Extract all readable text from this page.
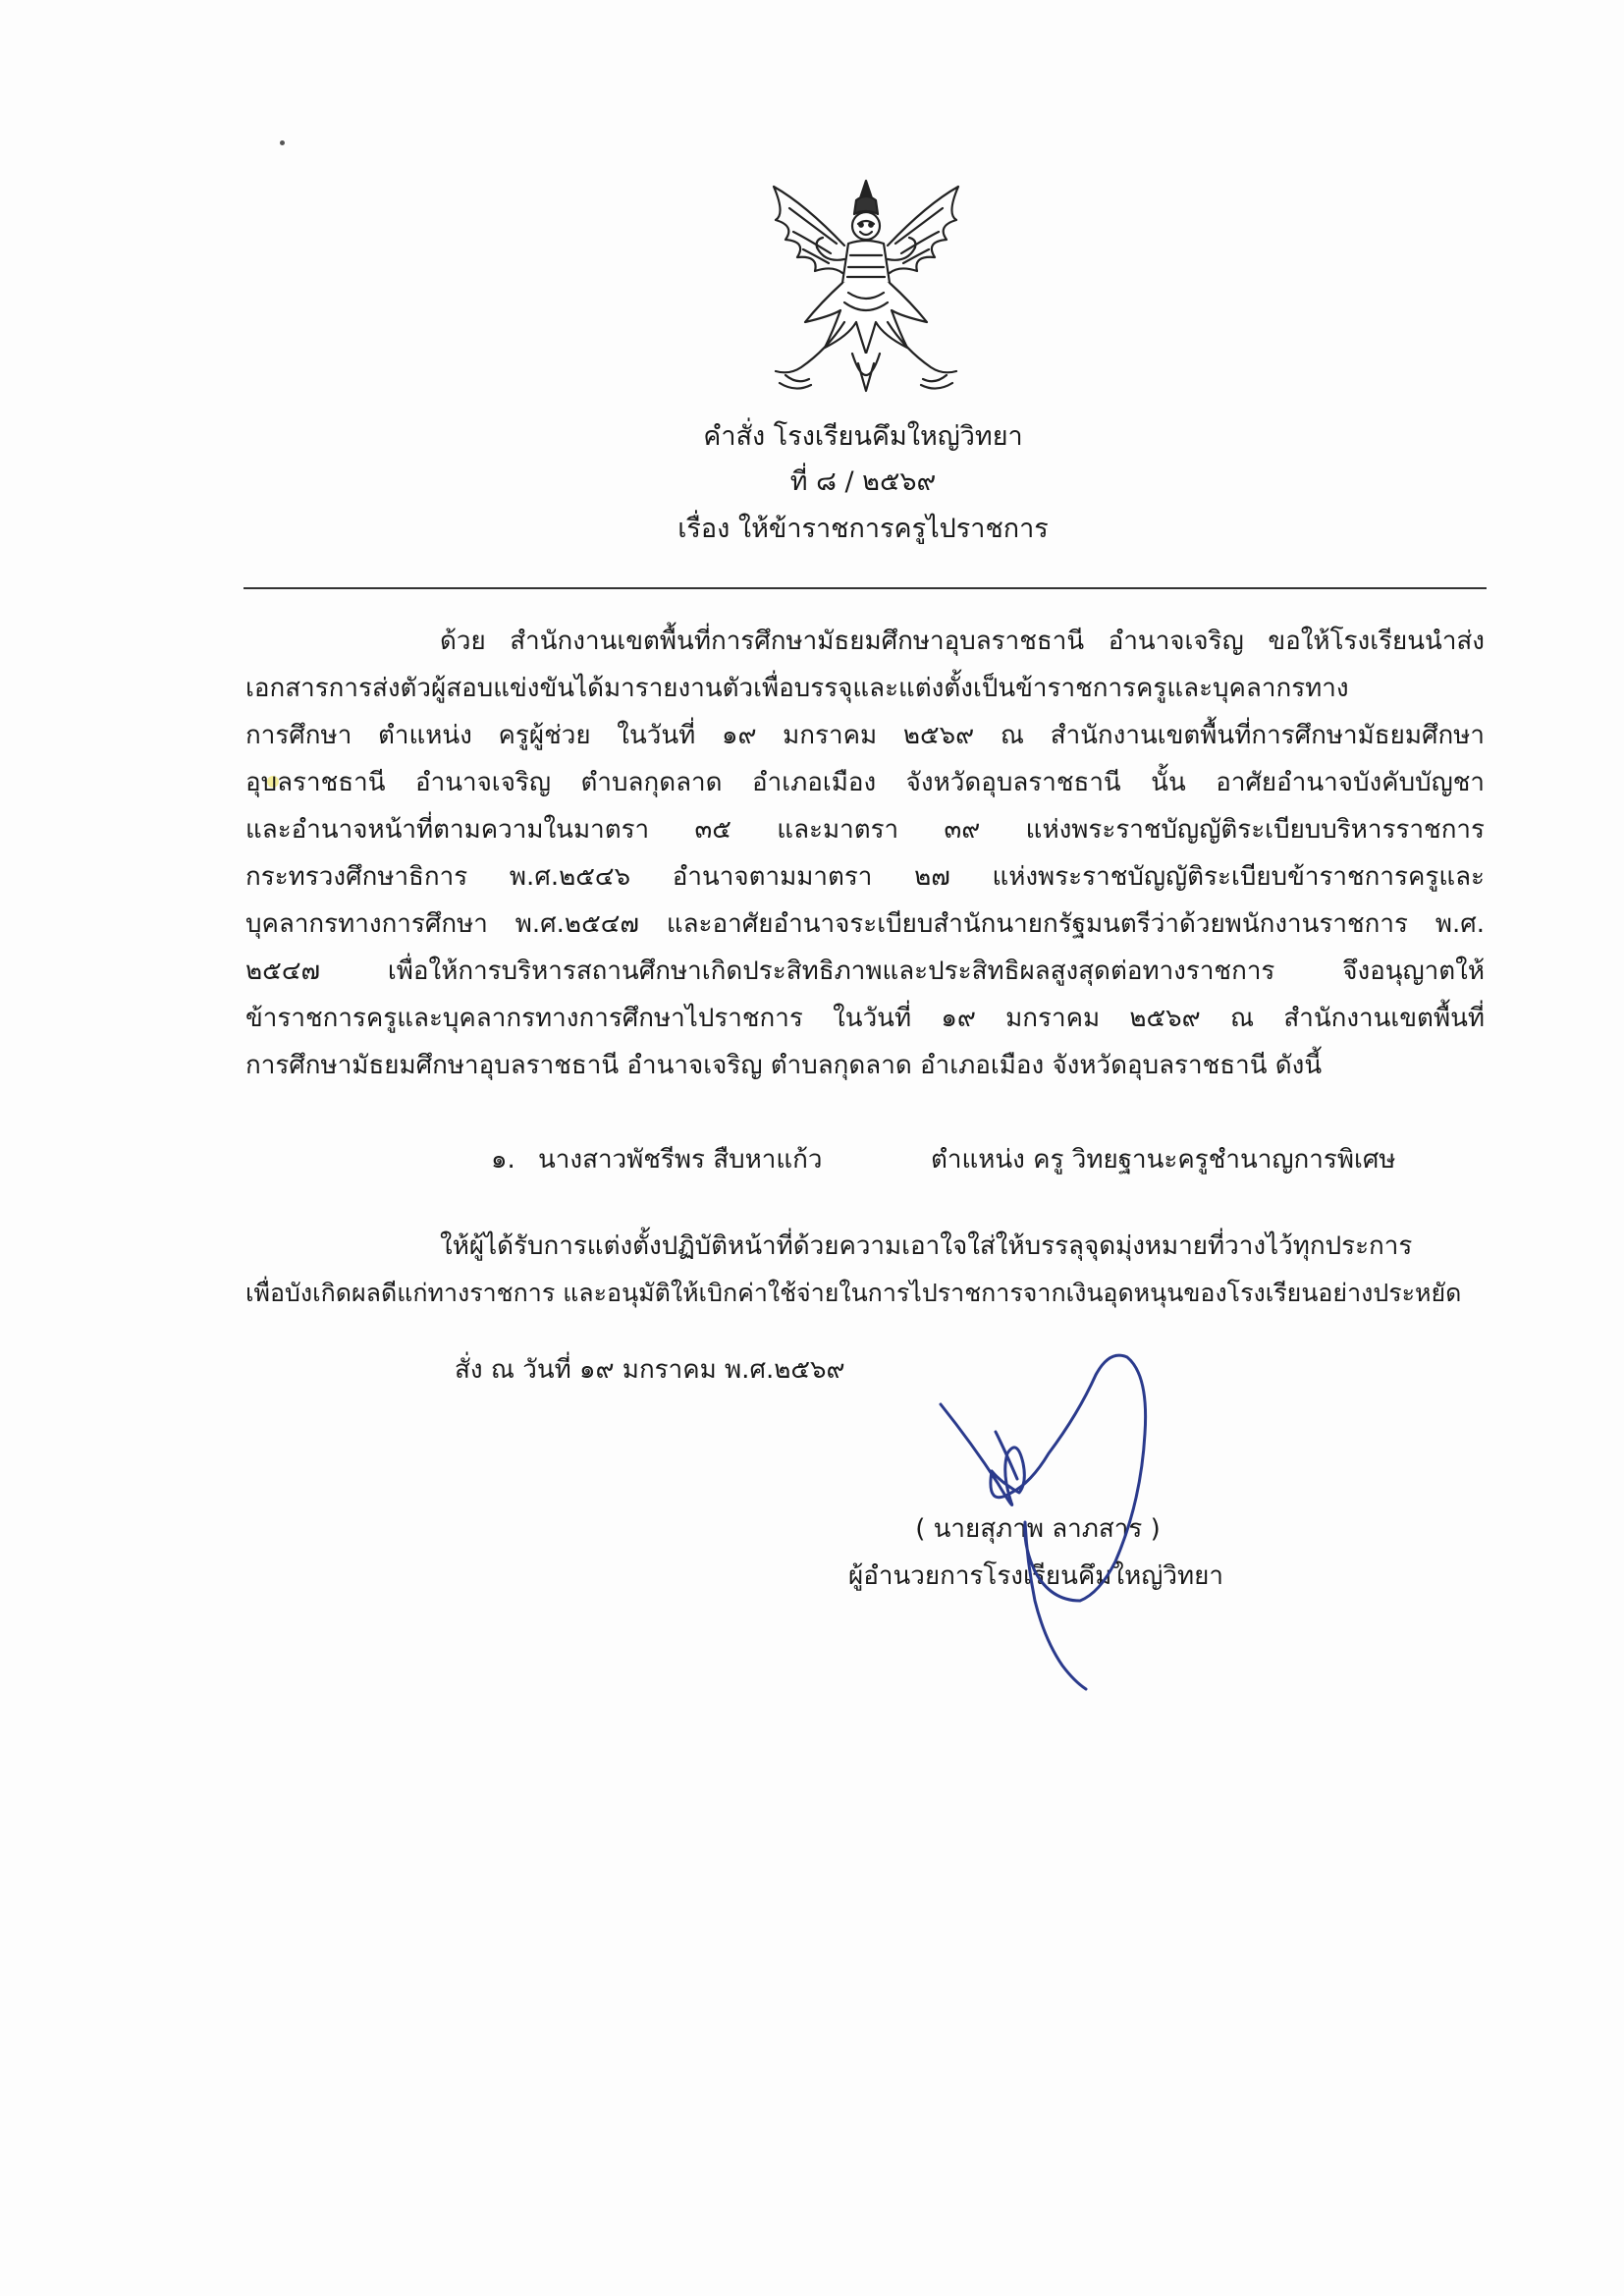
คำสั่ง โรงเรียนคึมใหญ่วิทยา
ที่ ๘ / ๒๕๖๙
เรื่อง ให้ข้าราชการครูไปราชการ
ด้วย สำนักงานเขตพื้นที่การศึกษามัธยมศึกษาอุบลราชธานี อำนาจเจริญ ขอให้โรงเรียนนำส่ง
เอกสารการส่งตัวผู้สอบแข่งขันได้มารายงานตัวเพื่อบรรจุและแต่งตั้งเป็นข้าราชการครูและบุคลากรทาง
การศึกษา ตำแหน่ง ครูผู้ช่วย ในวันที่ ๑๙ มกราคม ๒๕๖๙ ณ สำนักงานเขตพื้นที่การศึกษามัธยมศึกษา
อุบลราชธานี อำนาจเจริญ ตำบลกุดลาด อำเภอเมือง จังหวัดอุบลราชธานี นั้น อาศัยอำนาจบังคับบัญชา
และอำนาจหน้าที่ตามความในมาตรา ๓๕ และมาตรา ๓๙ แห่งพระราชบัญญัติระเบียบบริหารราชการ
กระทรวงศึกษาธิการ พ.ศ.๒๕๔๖ อำนาจตามมาตรา ๒๗ แห่งพระราชบัญญัติระเบียบข้าราชการครูและ
บุคลากรทางการศึกษา พ.ศ.๒๕๔๗ และอาศัยอำนาจระเบียบสำนักนายกรัฐมนตรีว่าด้วยพนักงานราชการ พ.ศ.
๒๕๔๗ เพื่อให้การบริหารสถานศึกษาเกิดประสิทธิภาพและประสิทธิผลสูงสุดต่อทางราชการ จึงอนุญาตให้
ข้าราชการครูและบุคลากรทางการศึกษาไปราชการ ในวันที่ ๑๙ มกราคม ๒๕๖๙ ณ สำนักงานเขตพื้นที่
การศึกษามัธยมศึกษาอุบลราชธานี อำนาจเจริญ ตำบลกุดลาด อำเภอเมือง จังหวัดอุบลราชธานี ดังนี้
๑. นางสาวพัชรีพร สืบหาแก้ว	ตำแหน่ง ครู วิทยฐานะครูชำนาญการพิเศษ
ให้ผู้ได้รับการแต่งตั้งปฏิบัติหน้าที่ด้วยความเอาใจใส่ให้บรรลุจุดมุ่งหมายที่วางไว้ทุกประการ
เพื่อบังเกิดผลดีแก่ทางราชการ และอนุมัติให้เบิกค่าใช้จ่ายในการไปราชการจากเงินอุดหนุนของโรงเรียนอย่างประหยัด
สั่ง ณ วันที่ ๑๙ มกราคม พ.ศ.๒๕๖๙
( นายสุภาพ ลาภสาร )
ผู้อำนวยการโรงเรียนคึมใหญ่วิทยา
